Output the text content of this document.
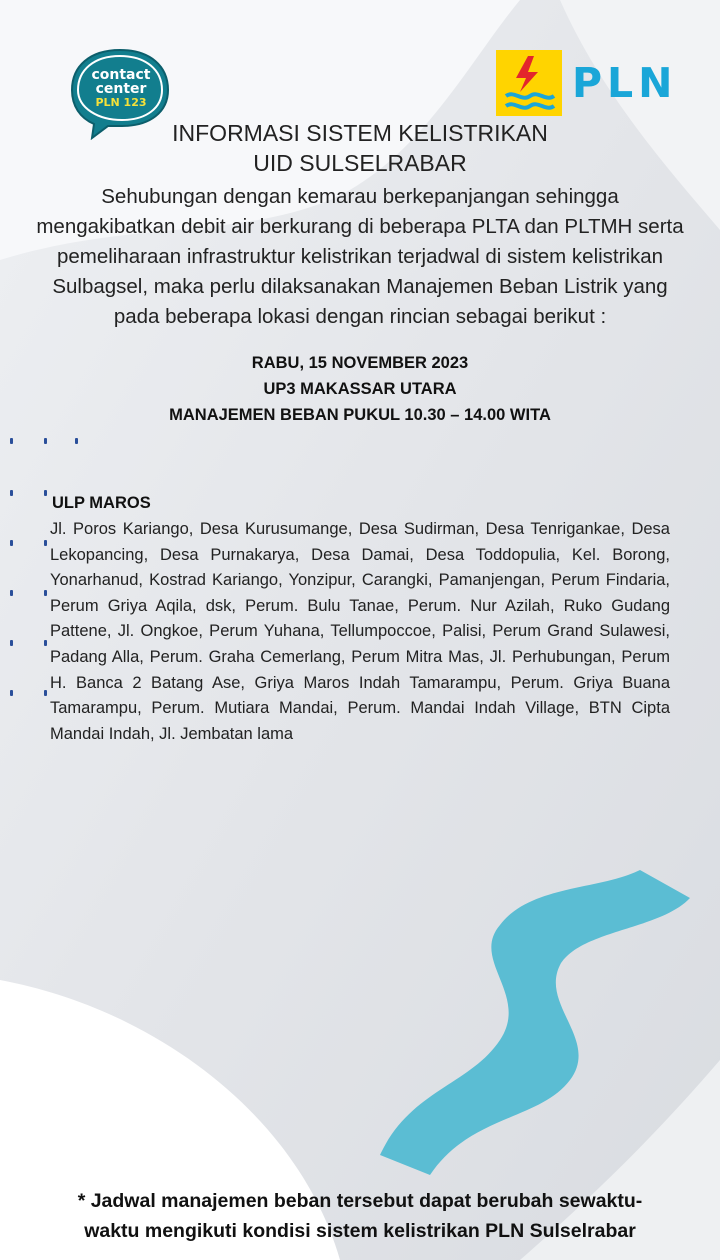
contact
center
PLN 123	PLN
INFORMASI SISTEM KELISTRIKAN
UID SULSELRABAR
Sehubungan dengan kemarau berkepanjangan sehingga mengakibatkan debit air berkurang di beberapa PLTA dan PLTMH serta pemeliharaan infrastruktur kelistrikan terjadwal di sistem kelistrikan Sulbagsel, maka perlu dilaksanakan Manajemen Beban Listrik yang pada beberapa lokasi dengan rincian sebagai berikut :
RABU, 15 NOVEMBER 2023
UP3 MAKASSAR UTARA
MANAJEMEN BEBAN PUKUL 10.30 – 14.00 WITA
ULP MAROS
Jl. Poros Kariango, Desa Kurusumange, Desa Sudirman, Desa Tenrigankae, Desa Lekopancing, Desa Purnakarya, Desa Damai, Desa Toddopulia, Kel. Borong, Yonarhanud, Kostrad Kariango, Yonzipur, Carangki, Pamanjengan, Perum Findaria, Perum Griya Aqila, dsk, Perum. Bulu Tanae, Perum. Nur Azilah, Ruko Gudang Pattene, Jl. Ongkoe, Perum Yuhana, Tellumpoccoe, Palisi, Perum Grand Sulawesi, Padang Alla, Perum. Graha Cemerlang, Perum Mitra Mas, Jl. Perhubungan, Perum H. Banca 2 Batang Ase, Griya Maros Indah Tamarampu, Perum. Griya Buana Tamarampu, Perum. Mutiara Mandai, Perum. Mandai Indah Village, BTN Cipta Mandai Indah, Jl. Jembatan lama
* Jadwal manajemen beban tersebut dapat berubah sewaktu-
waktu mengikuti kondisi sistem kelistrikan PLN Sulselrabar
